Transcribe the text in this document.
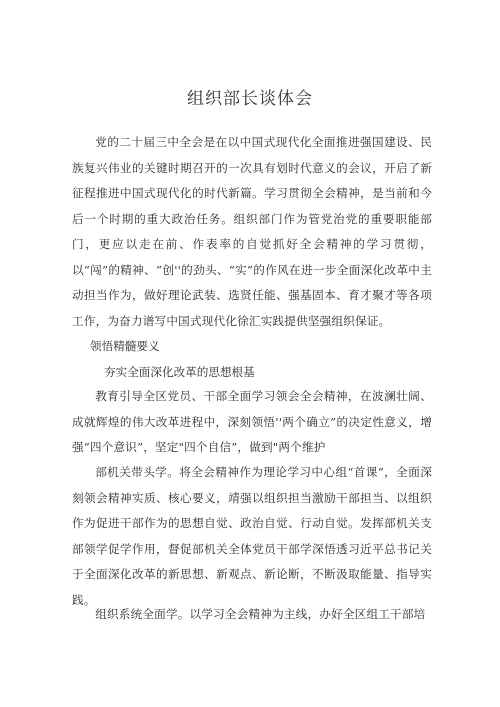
组织部长谈体会

党的二十届三中全会是在以中国式现代化全面推进强国建设、民族复兴伟业的关键时期召开的一次具有划时代意义的会议，开启了新征程推进中国式现代化的时代新篇。学习贯彻全会精神，是当前和今后一个时期的重大政治任务。组织部门作为管党治党的重要职能部门，更应以走在前、作表率的自觉抓好全会精神的学习贯彻，以“闯”的精神、“创''的劲头、“实”的作风在进一步全面深化改革中主动担当作为，做好理论武装、选贤任能、强基固本、育才聚才等各项工作，为奋力谱写中国式现代化徐汇实践提供坚强组织保证。

领悟精髓要义

夯实全面深化改革的思想根基

教育引导全区党员、干部全面学习领会全会精神，在波澜壮阔、成就辉煌的伟大改革进程中，深刻领悟''两个确立”的决定性意义，增强“四个意识”，坚定"四个自信”，做到"两个维护

部机关带头学。将全会精神作为理论学习中心组“首课”，全面深刻领会精神实质、核心要义，靖强以组织担当激励干部担当、以组织作为促进干部作为的思想自觉、政治自觉、行动自觉。发挥部机关支部领学促学作用，督促部机关全体党员干部学深悟透习近平总书记关于全面深化改革的新思想、新观点、新论断，不断汲取能量、指导实践。

组织系统全面学。以学习全会精神为主线，办好全区组工干部培
